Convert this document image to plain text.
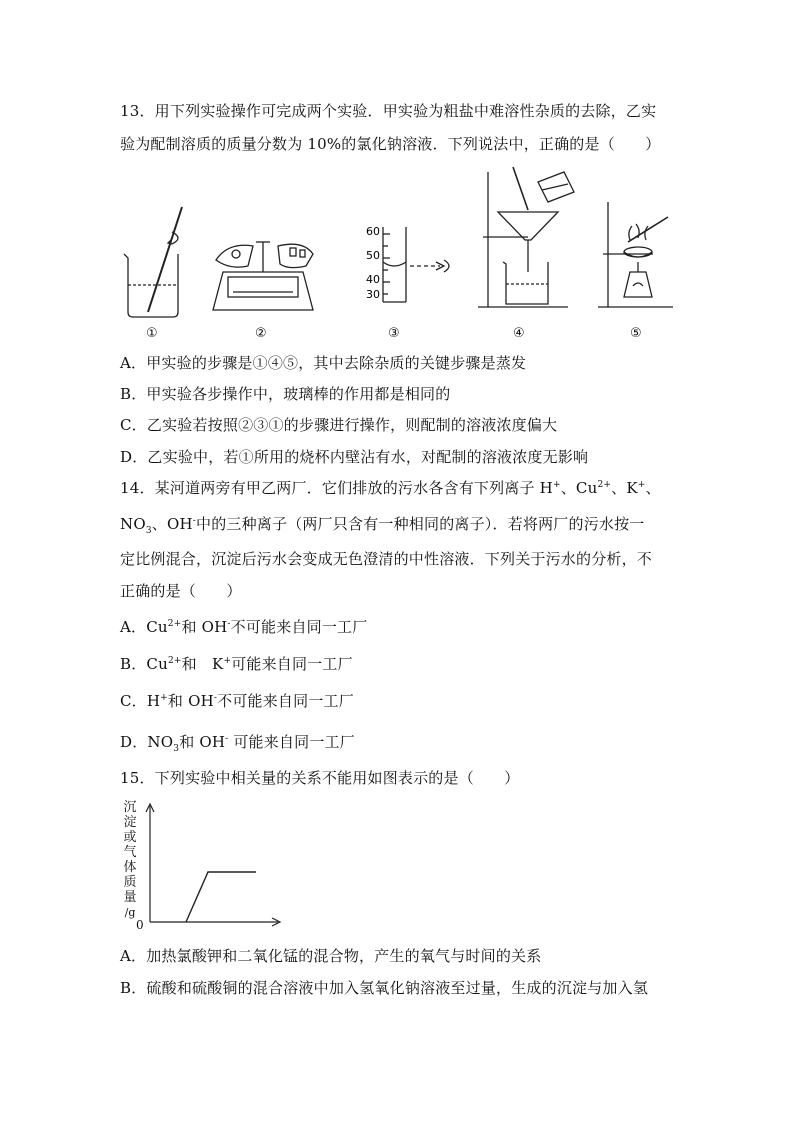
13．用下列实验操作可完成两个实验．甲实验为粗盐中难溶性杂质的去除，乙实
验为配制溶质的质量分数为 10%的氯化钠溶液．下列说法中，正确的是（　　）
60
50
40
30
①	②	③	④	⑤
A．甲实验的步骤是①④⑤，其中去除杂质的关键步骤是蒸发
B．甲实验各步操作中，玻璃棒的作用都是相同的
C．乙实验若按照②③①的步骤进行操作，则配制的溶液浓度偏大
D．乙实验中，若①所用的烧杯内壁沾有水，对配制的溶液浓度无影响
14．某河道两旁有甲乙两厂．它们排放的污水各含有下列离子 H+、$Cu^{2+}$、K+、
$NO_3$、OH-中的三种离子（两厂只含有一种相同的离子）．若将两厂的污水按一
定比例混合，沉淀后污水会变成无色澄清的中性溶液．下列关于污水的分析，不
正确的是（　　）
A．$Cu^{2+}$和 OH-不可能来自同一工厂
B．$Cu^{2+}$和　K+可能来自同一工厂
C．H+和 OH-不可能来自同一工厂
D．$NO_3$和 OH- 可能来自同一工厂
15．下列实验中相关量的关系不能用如图表示的是（　　）
沉
淀
或
气
体
质
量
/g
0
A．加热氯酸钾和二氧化锰的混合物，产生的氧气与时间的关系
B．硫酸和硫酸铜的混合溶液中加入氢氧化钠溶液至过量，生成的沉淀与加入氢
